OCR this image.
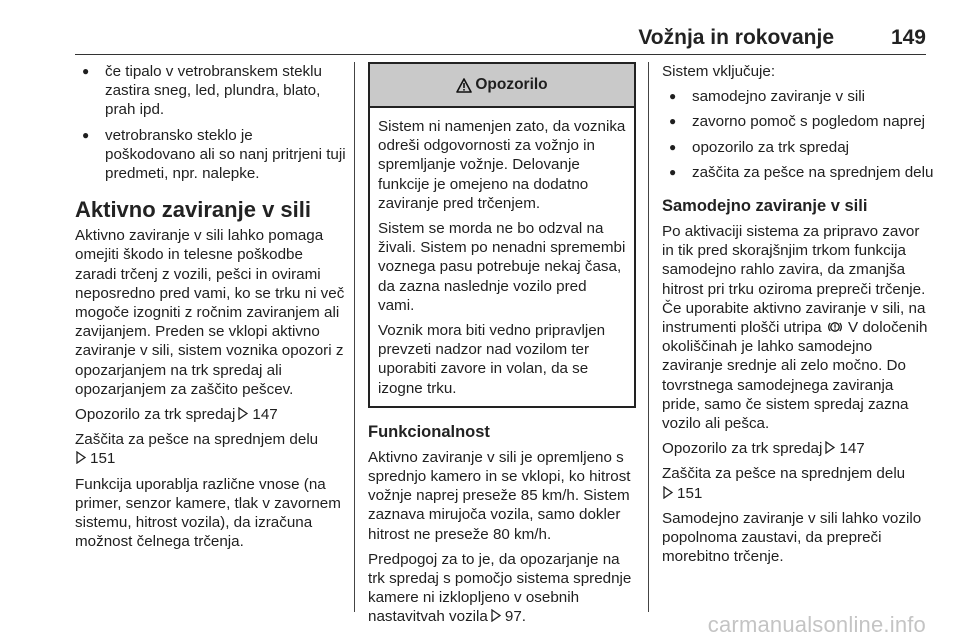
Vožnja in rokovanje	149
● če tipalo v vetrobranskem steklu zastira sneg, led, plundra, blato, prah ipd.
● vetrobransko steklo je poškodovano ali so nanj pritrjeni tuji predmeti, npr. nalepke.
Aktivno zaviranje v sili

Aktivno zaviranje v sili lahko pomaga omejiti škodo in telesne poškodbe zaradi trčenj z vozili, pešci in ovirami neposredno pred vami, ko se trku ni več mogoče izogniti z ročnim zaviranjem ali zavijanjem. Preden se vklopi aktivno zaviranje v sili, sistem voznika opozori z opozarjanjem na trk spredaj ali opozarjanjem za zaščito pešcev.

Opozorilo za trk spredaj 147

Zaščita za pešce na sprednjem delu
151

Funkcija uporablja različne vnose (na primer, senzor kamere, tlak v zavornem sistemu, hitrost vozila), da izračuna možnost čelnega trčenja.

Opozorilo

Sistem ni namenjen zato, da voznika odreši odgovornosti za vožnjo in spremljanje vožnje. Delovanje funkcije je omejeno na dodatno zaviranje pred trčenjem.

Sistem se morda ne bo odzval na živali. Sistem po nenadni spremembi voznega pasu potrebuje nekaj časa, da zazna naslednje vozilo pred vami.

Voznik mora biti vedno pripravljen prevzeti nadzor nad vozilom ter uporabiti zavore in volan, da se izogne trku.

Funkcionalnost

Aktivno zaviranje v sili je opremljeno s sprednjo kamero in se vklopi, ko hitrost vožnje naprej preseže 85 km/h. Sistem zaznava mirujoča vozila, samo dokler hitrost ne preseže 80 km/h.

Predpogoj za to je, da opozarjanje na trk spredaj s pomočjo sistema sprednje kamere ni izklopljeno v osebnih nastavitvah vozila 97.

Sistem vključuje:

● samodejno zaviranje v sili
● zavorno pomoč s pogledom naprej
● opozorilo za trk spredaj
● zaščita za pešce na sprednjem delu
Samodejno zaviranje v sili

Po aktivaciji sistema za pripravo zavor in tik pred skorajšnjim trkom funkcija samodejno rahlo zavira, da zmanjša hitrost pri trku oziroma prepreči trčenje. Če uporabite aktivno zaviranje v sili, na instrumenti plošči utripa V določenih okoliščinah je lahko samodejno zaviranje srednje ali zelo močno. Do tovrstnega samodejnega zaviranja pride, samo če sistem spredaj zazna vozilo ali pešca.

Opozorilo za trk spredaj 147

Zaščita za pešce na sprednjem delu
151

Samodejno zaviranje v sili lahko vozilo popolnoma zaustavi, da prepreči morebitno trčenje.

carmanualsonline.info
